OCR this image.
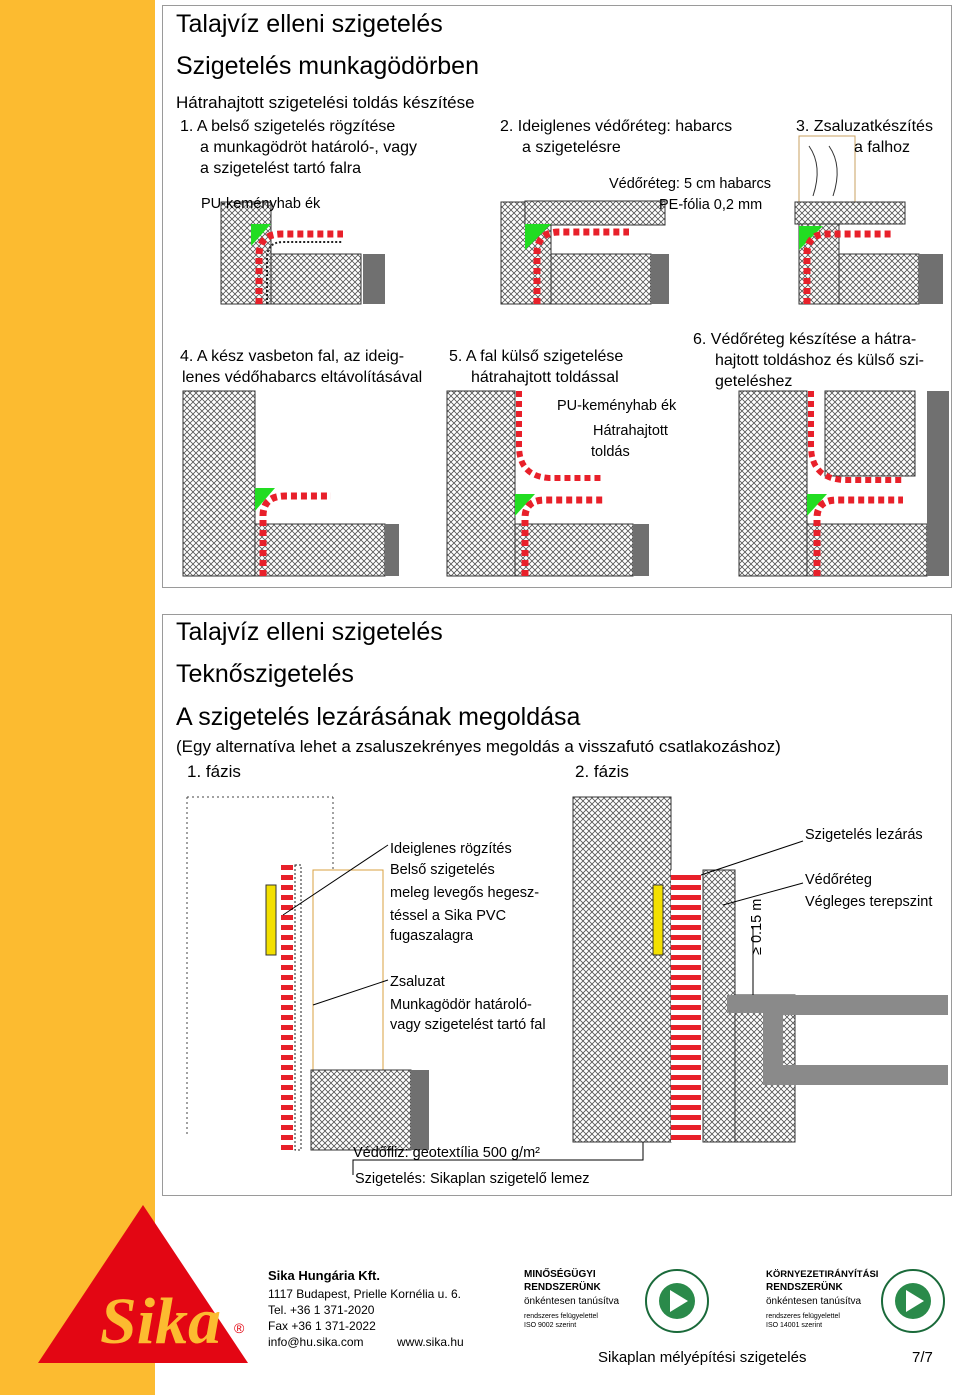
Talajvíz elleni szigetelés
Szigetelés munkagödörben
Hátrahajtott szigetelési toldás készítése
1. A belső szigetelés rögzítése
a munkagödröt határoló-, vagy
a szigetelést tartó falra
2. Ideiglenes védőréteg: habarcs
a szigetelésre
3. Zsaluzatkészítés
a falhoz
PU-keményhab ék
Védőréteg: 5 cm habarcs
PE-fólia 0,2 mm
4. A kész vasbeton fal, az ideig-
lenes védőhabarcs eltávolításával
5. A fal külső szigetelése
hátrahajtott toldással
6. Védőréteg készítése a hátra-
hajtott toldáshoz és külső szi-
geteléshez
PU-keményhab ék
Hátrahajtott
toldás
Talajvíz elleni szigetelés
Teknőszigetelés
A szigetelés lezárásának megoldása
(Egy alternatíva lehet a zsaluszekrényes megoldás a visszafutó csatlakozáshoz)
1. fázis	2. fázis
Ideiglenes rögzítés
Belső szigetelés
meleg levegős hegesz-
téssel a Sika PVC
fugaszalagra
Zsaluzat
Munkagödör határoló-
vagy szigetelést tartó fal
Szigetelés lezárás
Védőréteg
Végleges terepszint
≥ 0.15 m
Védőfliz: geotextília 500 g/m²
Szigetelés: Sikaplan szigetelő lemez
Sika ®
Sika Hungária Kft.
1117 Budapest, Prielle Kornélia u. 6.
Tel. +36 1 371-2020
Fax +36 1 371-2022
info@hu.sika.com	www.sika.hu
MINŐSÉGÜGYI
RENDSZERÜNK
önkéntesen tanúsítva
rendszeres felügyelettel
ISO 9002 szerint
KÖRNYEZETIRÁNYÍTÁSI
RENDSZERÜNK
önkéntesen tanúsítva
rendszeres felügyelettel
ISO 14001 szerint
Sikaplan mélyépítési szigetelés	7/7
